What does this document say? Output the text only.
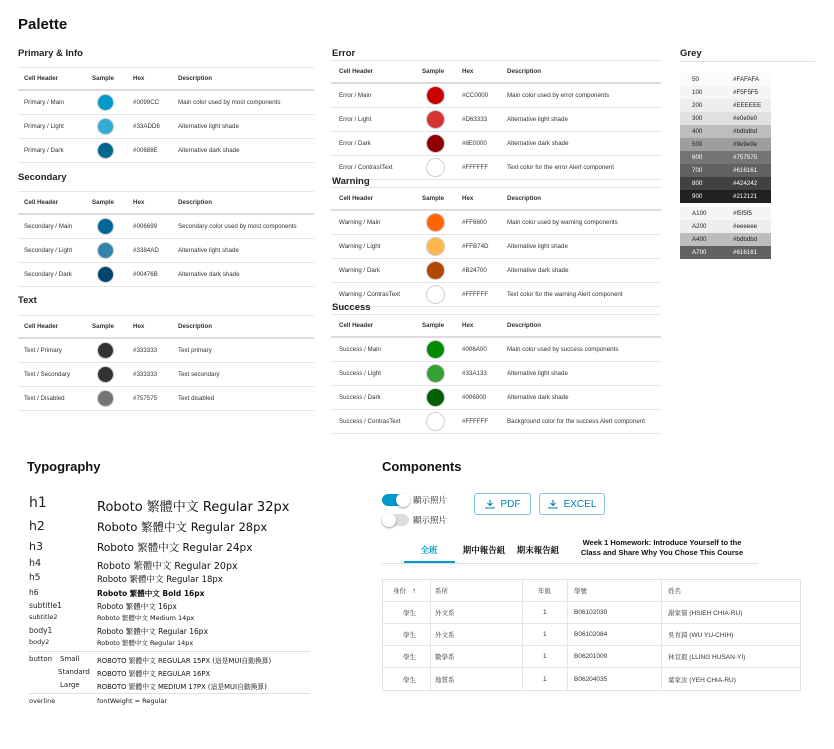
Palette
Primary & Info
Cell Header	Sample	Hex	Description
Primary / Main	#0099CC	Main color used by most components
Primary / Light	#33ADD6	Alternative light shade
Primary / Dark	#00688E	Alternative dark shade
Secondary
Cell Header	Sample	Hex	Description
Secondary / Main	#006699	Secondary color used by most components
Secondary / Light	#3384AD	Alternative light shade
Secondary / Dark	#00476B	Alternative dark shade
Text
Cell Header	Sample	Hex	Description
Text / Primary	#333333	Text primary
Text / Secondary	#333333	Text secondary
Text / Disabled	#757575	Text disabled
Error
Cell Header	Sample	Hex	Description
Error / Main	#CC0000	Main color used by error components
Error / Light	#D63333	Alternative light shade
Error / Dark	#8E0000	Alternative dark shade
Error / ContrastText	#FFFFFF	Text color for the error Alert component
Warning
Cell Header	Sample	Hex	Description
Warning / Main	#FF6600	Main color used by warning components
Warning / Light	#FFB74D	Alternative light shade
Warning / Dark	#B24700	Alternative dark shade
Warning / ContrasText	#FFFFFF	Text color for the warning Alert component
Success
Cell Header	Sample	Hex	Description
Success / Main	#008A00	Main color used by success components
Success / Light	#33A133	Alternative light shade
Success / Dark	#006000	Alternative dark shade
Success / ContrasText	#FFFFFF	Background color for the success Alert component
Grey
50	#FAFAFA
100	#F5F5F5
200	#EEEEEE
300	#e0e0e0
400	#bdbdbd
500	#9e9e9e
600	#757575
700	#616161
800	#424242
900	#212121
A100	#f5f5f5
A200	#eeeeee
A400	#bdbdbd
A700	#616161
Typography
h1	Roboto 繁體中文 Regular 32px
h2	Roboto 繁體中文 Regular 28px
h3	Roboto 繁體中文 Regular 24px
h4	Roboto 繁體中文 Regular 20px
h5	Roboto 繁體中文 Regular 18px
h6	Roboto 繁體中文 Bold 16px
subtitle1	Roboto 繁體中文 16px
subtitle2	Roboto 繁體中文 Medium 14px
body1	Roboto 繁體中文 Regular 16px
body2	Roboto 繁體中文 Regular 14px
button Small	ROBOTO 繁體中文 REGULAR 15PX (這是MUI自動換算)
Standard ROBOTO 繁體中文 REGULAR 16PX
Large	ROBOTO 繁體中文 MEDIUM 17PX (這是MUI自動換算)
overline	fontWeight = Regular
Components
顯示照片
顯示照片
PDF	EXCEL
全班	期中報告組	期末報告組
Week 1 Homework: Introduce Yourself to the Class and Share Why You Chose This Course
身份 ↑	系所	年級	學號	姓名
學生	外文系	1	B06102030	謝家儒 (HSIEH CHIA-RU)
學生	外文系	1	B06102084	吳育錡 (WU YU-CHIH)
學生	數學系	1	B06201009	林宣毅 (LLING HUSAN-YI)
學生	地質系	1	B06204035	葉家汝 (YEH CHIA-RU)
